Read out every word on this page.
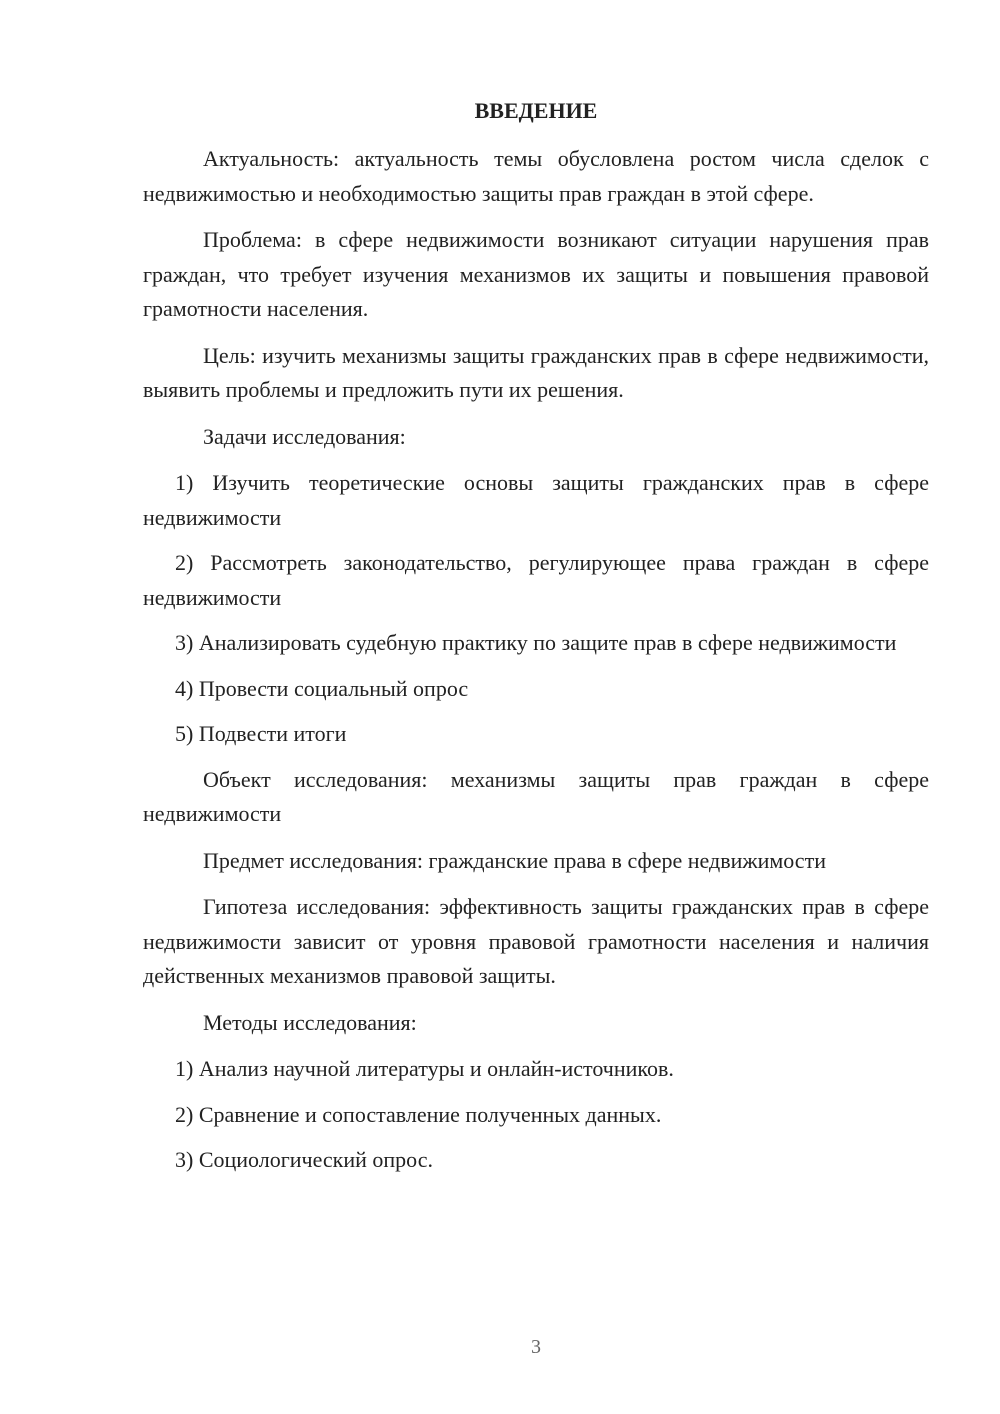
ВВЕДЕНИЕ

Актуальность: актуальность темы обусловлена ростом числа сделок с недвижимостью и необходимостью защиты прав граждан в этой сфере.

Проблема: в сфере недвижимости возникают ситуации нарушения прав граждан, что требует изучения механизмов их защиты и повышения правовой грамотности населения.

Цель: изучить механизмы защиты гражданских прав в сфере недвижимости, выявить проблемы и предложить пути их решения.

Задачи исследования:

1) Изучить теоретические основы защиты гражданских прав в сфере недвижимости

2) Рассмотреть законодательство, регулирующее права граждан в сфере недвижимости

3) Анализировать судебную практику по защите прав в сфере недвижимости

4) Провести социальный опрос

5) Подвести итоги

Объект исследования: механизмы защиты прав граждан в сфере недвижимости

Предмет исследования: гражданские права в сфере недвижимости

Гипотеза исследования: эффективность защиты гражданских прав в сфере недвижимости зависит от уровня правовой грамотности населения и наличия действенных механизмов правовой защиты.

Методы исследования:

1) Анализ научной литературы и онлайн-источников.

2) Сравнение и сопоставление полученных данных.

3) Социологический опрос.

3
